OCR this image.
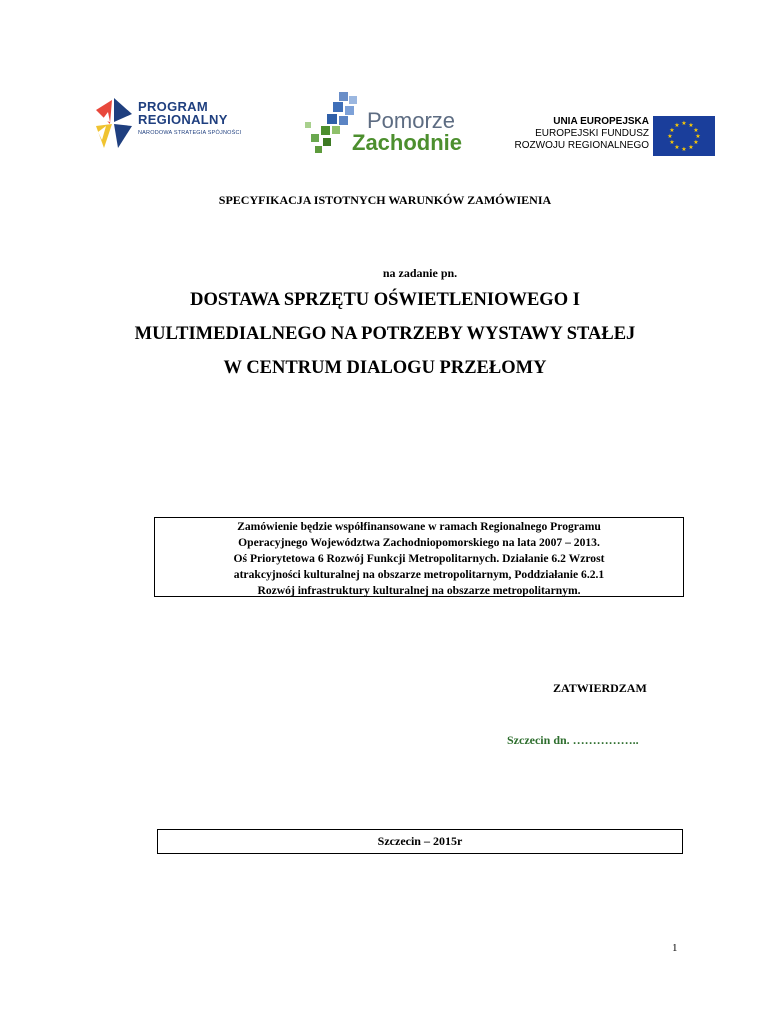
PROGRAM
REGIONALNY
NARODOWA STRATEGIA SPÓJNOŚCI	Pomorze
Zachodnie
UNIA EUROPEJSKA
EUROPEJSKI FUNDUSZ
ROZWOJU REGIONALNEGO
★ ★
★
★
★
★
★
★
★
★
★
★
SPECYFIKACJA ISTOTNYCH WARUNKÓW ZAMÓWIENIA
na zadanie pn.
DOSTAWA SPRZĘTU OŚWIETLENIOWEGO I
MULTIMEDIALNEGO NA POTRZEBY WYSTAWY STAŁEJ
W CENTRUM DIALOGU PRZEŁOMY
Zamówienie będzie współfinansowane w ramach Regionalnego Programu
Operacyjnego Województwa Zachodniopomorskiego na lata 2007 – 2013.
Oś Priorytetowa 6 Rozwój Funkcji Metropolitarnych. Działanie 6.2 Wzrost
atrakcyjności kulturalnej na obszarze metropolitarnym, Poddziałanie 6.2.1
Rozwój infrastruktury kulturalnej na obszarze metropolitarnym.
ZATWIERDZAM
Szczecin dn. ……………..
Szczecin – 2015r
1
